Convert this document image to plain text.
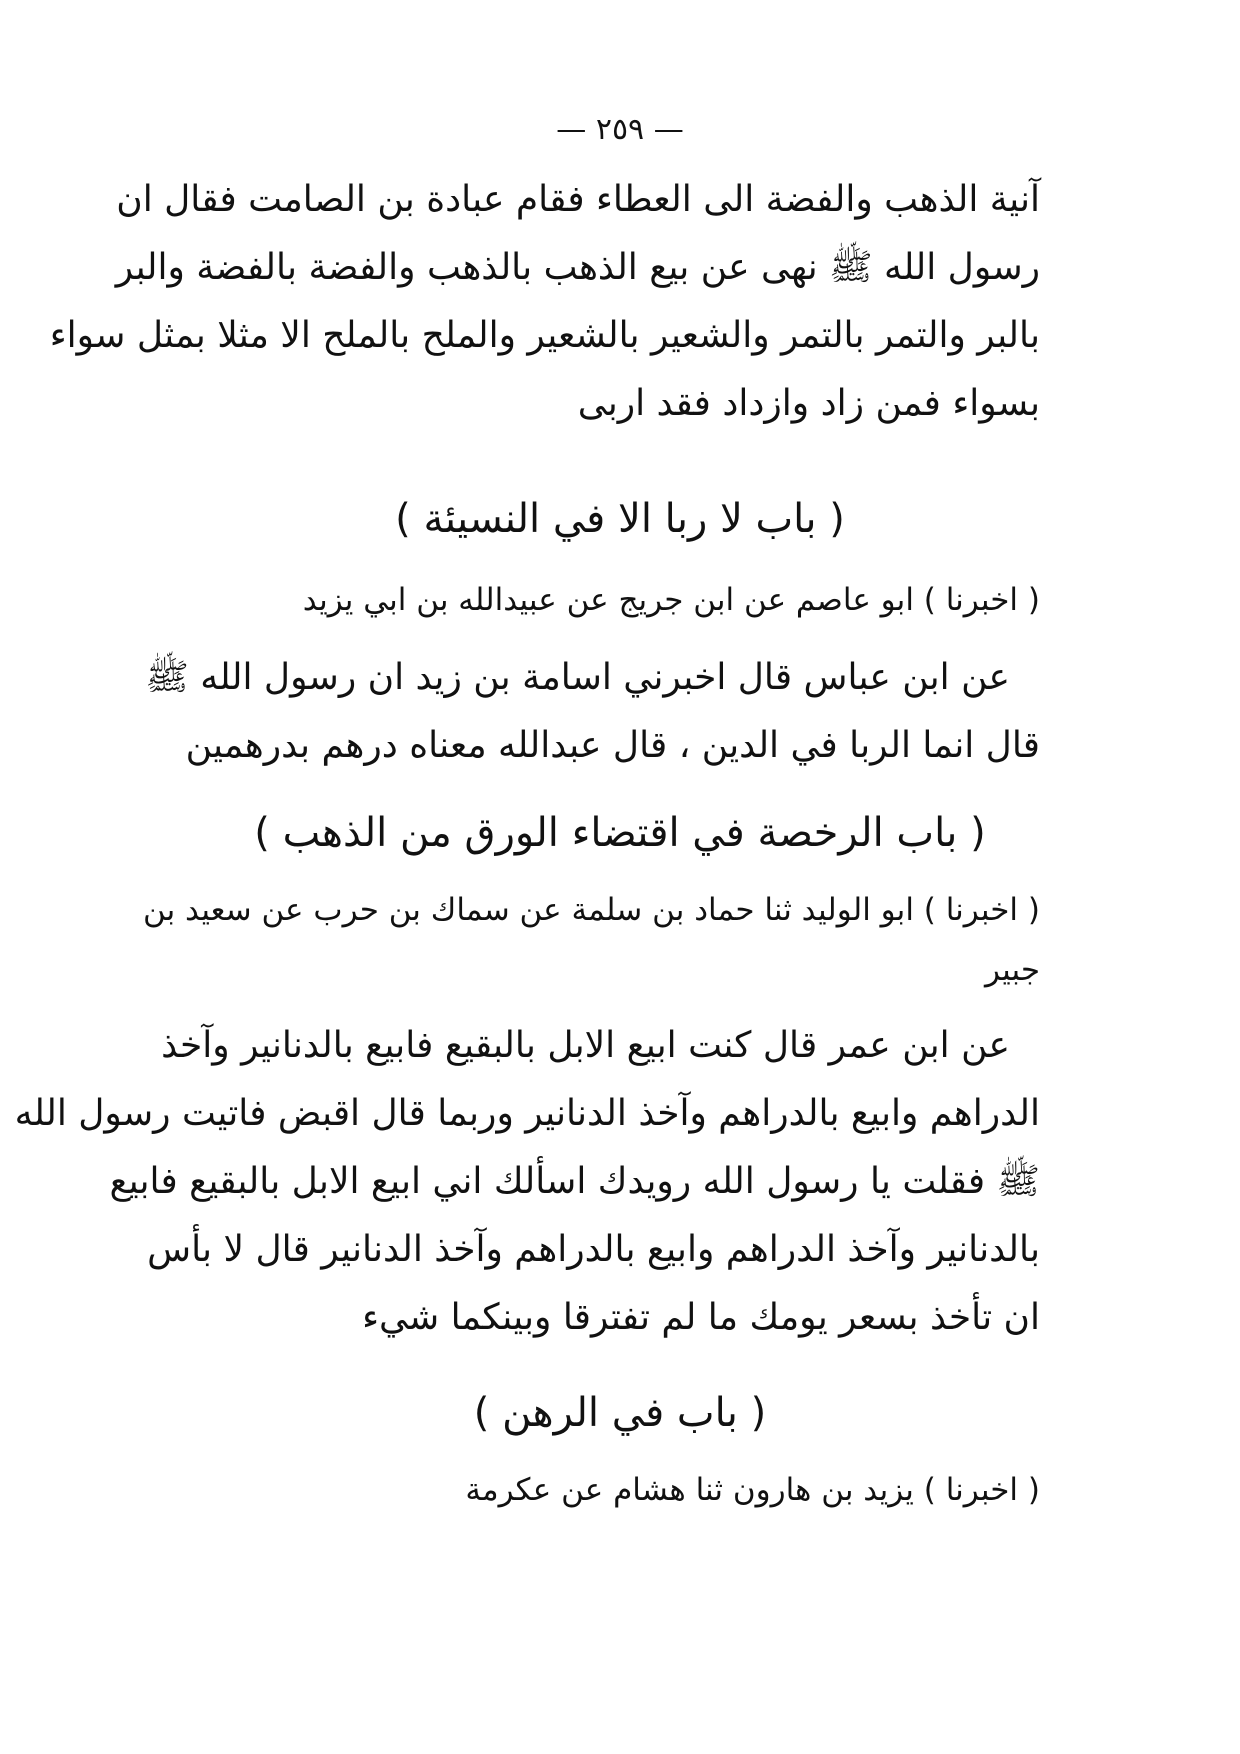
— ٢٥٩ —
آنية الذهب والفضة الى العطاء فقام عبادة بن الصامت فقال ان
رسول الله ﷺ نهى عن بيع الذهب بالذهب والفضة بالفضة والبر
بالبر والتمر بالتمر والشعير بالشعير والملح بالملح الا مثلا بمثل سواء
بسواء فمن زاد وازداد فقد اربى
( باب لا ربا الا في النسيئة )
( اخبرنا ) ابو عاصم عن ابن جريج عن عبيدالله بن ابي يزيد
عن ابن عباس قال اخبرني اسامة بن زيد ان رسول الله ﷺ
قال انما الربا في الدين ، قال عبدالله معناه درهم بدرهمين
( باب الرخصة في اقتضاء الورق من الذهب )
( اخبرنا ) ابو الوليد ثنا حماد بن سلمة عن سماك بن حرب عن سعيد بن
جبير
عن ابن عمر قال كنت ابيع الابل بالبقيع فابيع بالدنانير وآخذ
الدراهم وابيع بالدراهم وآخذ الدنانير وربما قال اقبض فاتيت رسول الله
ﷺ فقلت يا رسول الله رويدك اسألك اني ابيع الابل بالبقيع فابيع
بالدنانير وآخذ الدراهم وابيع بالدراهم وآخذ الدنانير قال لا بأس
ان تأخذ بسعر يومك ما لم تفترقا وبينكما شيء
( باب في الرهن )
( اخبرنا ) يزيد بن هارون ثنا هشام عن عكرمة
